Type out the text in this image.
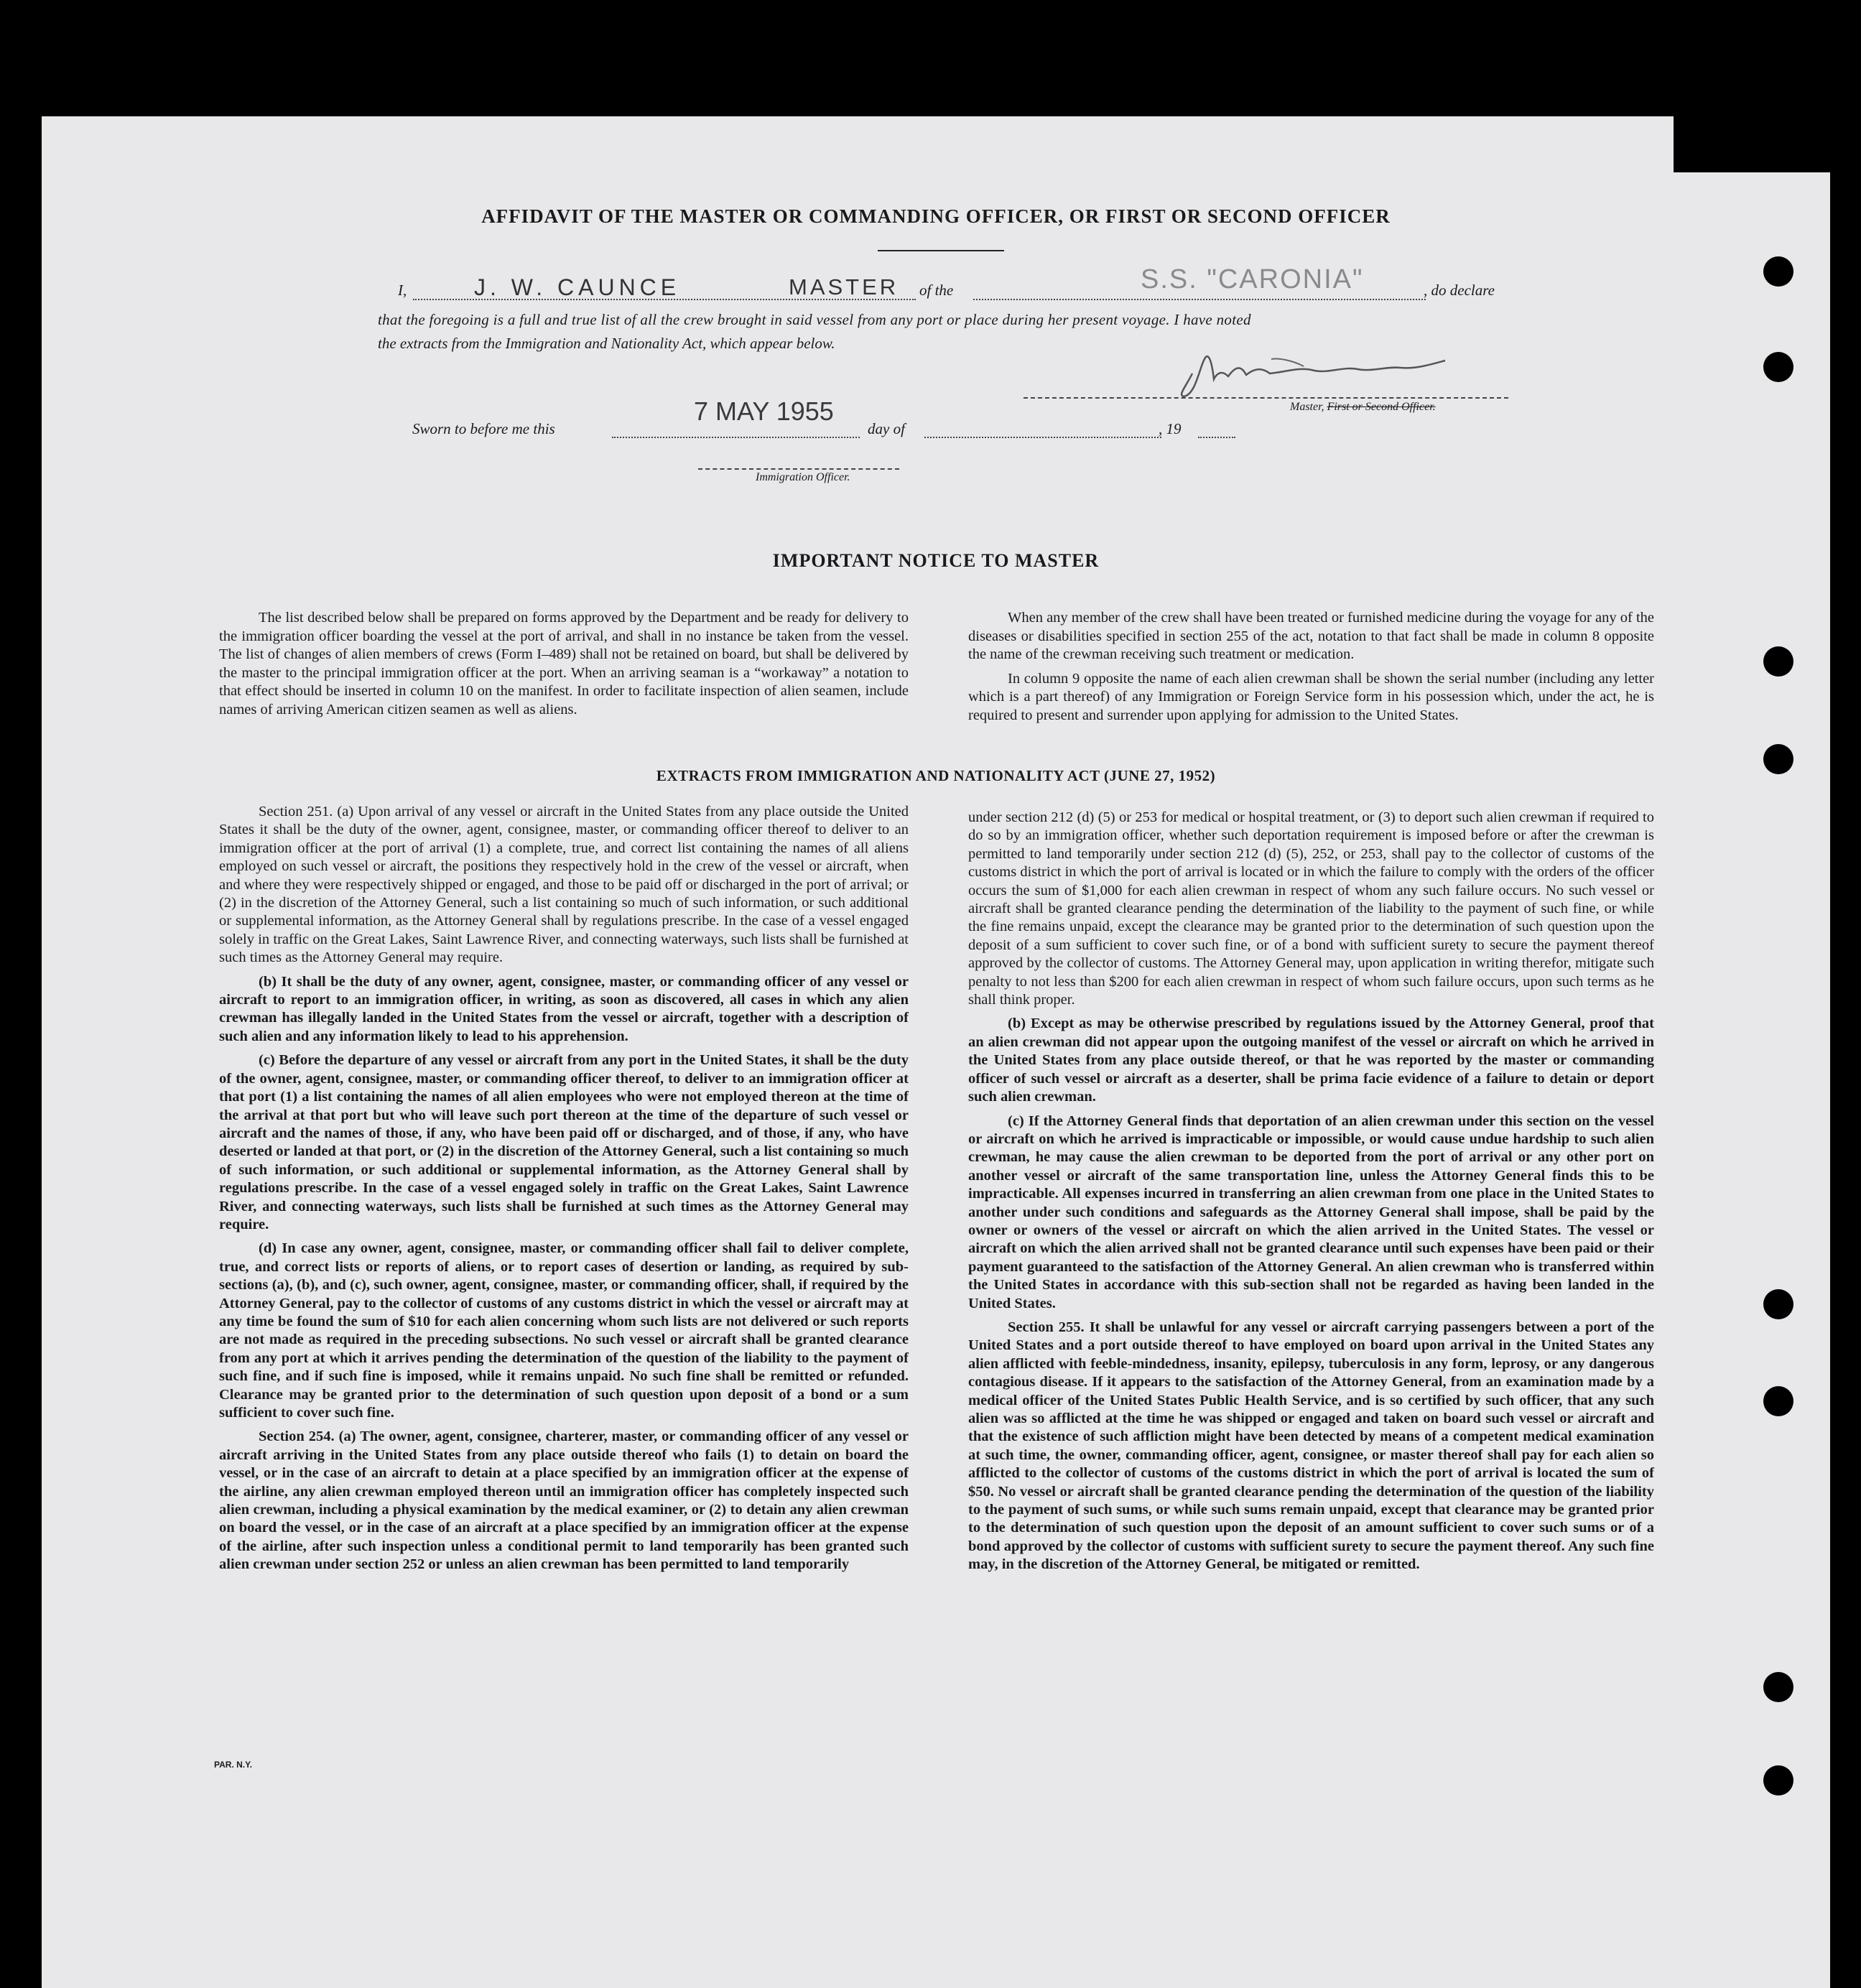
AFFIDAVIT OF THE MASTER OR COMMANDING OFFICER, OR FIRST OR SECOND OFFICER
I,	J. W. CAUNCE	MASTER of the	S.S. "CARONIA"	, do declare
that the foregoing is a full and true list of all the crew brought in said vessel from any port or place during her present voyage. I have noted
the extracts from the Immigration and Nationality Act, which appear below.
Master, First or Second Officer.
Sworn to before me this
7 MAY 1955
day of	, 19
Immigration Officer.
IMPORTANT NOTICE TO MASTER

The list described below shall be prepared on forms approved by the Department and be ready for delivery to the immigration officer boarding the vessel at the port of arrival, and shall in no instance be taken from the vessel. The list of changes of alien members of crews (Form I–489) shall not be retained on board, but shall be delivered by the master to the principal immigration officer at the port. When an arriving seaman is a “workaway” a notation to that effect should be inserted in column 10 on the manifest. In order to facilitate inspection of alien seamen, include names of arriving American citizen seamen as well as aliens.

When any member of the crew shall have been treated or furnished medicine during the voyage for any of the diseases or disabilities specified in section 255 of the act, notation to that fact shall be made in column 8 opposite the name of the crewman receiving such treatment or medication.

In column 9 opposite the name of each alien crewman shall be shown the serial number (including any letter which is a part thereof) of any Immigration or Foreign Service form in his possession which, under the act, he is required to present and surrender upon applying for admission to the United States.

EXTRACTS FROM IMMIGRATION AND NATIONALITY ACT (JUNE 27, 1952)

Section 251. (a) Upon arrival of any vessel or aircraft in the United States from any place outside the United States it shall be the duty of the owner, agent, consignee, master, or commanding officer thereof to deliver to an immigration officer at the port of arrival (1) a complete, true, and correct list containing the names of all aliens employed on such vessel or aircraft, the positions they respectively hold in the crew of the vessel or aircraft, when and where they were respectively shipped or engaged, and those to be paid off or discharged in the port of arrival; or (2) in the discretion of the Attorney General, such a list containing so much of such information, or such additional or supplemental information, as the Attorney General shall by regulations prescribe. In the case of a vessel engaged solely in traffic on the Great Lakes, Saint Lawrence River, and connecting waterways, such lists shall be furnished at such times as the Attorney General may require.

(b) It shall be the duty of any owner, agent, consignee, master, or commanding officer of any vessel or aircraft to report to an immigration officer, in writing, as soon as discovered, all cases in which any alien crewman has illegally landed in the United States from the vessel or aircraft, together with a description of such alien and any information likely to lead to his apprehension.

(c) Before the departure of any vessel or aircraft from any port in the United States, it shall be the duty of the owner, agent, consignee, master, or commanding officer thereof, to deliver to an immigration officer at that port (1) a list containing the names of all alien employees who were not employed thereon at the time of the arrival at that port but who will leave such port thereon at the time of the departure of such vessel or aircraft and the names of those, if any, who have been paid off or discharged, and of those, if any, who have deserted or landed at that port, or (2) in the discretion of the Attorney General, such a list containing so much of such information, or such additional or supplemental information, as the Attorney General shall by regulations prescribe. In the case of a vessel engaged solely in traffic on the Great Lakes, Saint Lawrence River, and connecting waterways, such lists shall be furnished at such times as the Attorney General may require.

(d) In case any owner, agent, consignee, master, or commanding officer shall fail to deliver complete, true, and correct lists or reports of aliens, or to report cases of desertion or landing, as required by sub-sections (a), (b), and (c), such owner, agent, consignee, master, or commanding officer, shall, if required by the Attorney General, pay to the collector of customs of any customs district in which the vessel or aircraft may at any time be found the sum of $10 for each alien concerning whom such lists are not delivered or such reports are not made as required in the preceding subsections. No such vessel or aircraft shall be granted clearance from any port at which it arrives pending the determination of the question of the liability to the payment of such fine, and if such fine is imposed, while it remains unpaid. No such fine shall be remitted or refunded. Clearance may be granted prior to the determination of such question upon deposit of a bond or a sum sufficient to cover such fine.

Section 254. (a) The owner, agent, consignee, charterer, master, or commanding officer of any vessel or aircraft arriving in the United States from any place outside thereof who fails (1) to detain on board the vessel, or in the case of an aircraft to detain at a place specified by an immigration officer at the expense of the airline, any alien crewman employed thereon until an immigration officer has completely inspected such alien crewman, including a physical examination by the medical examiner, or (2) to detain any alien crewman on board the vessel, or in the case of an aircraft at a place specified by an immigration officer at the expense of the airline, after such inspection unless a conditional permit to land temporarily has been granted such alien crewman under section 252 or unless an alien crewman has been permitted to land temporarily

under section 212 (d) (5) or 253 for medical or hospital treatment, or (3) to deport such alien crewman if required to do so by an immigration officer, whether such deportation requirement is imposed before or after the crewman is permitted to land temporarily under section 212 (d) (5), 252, or 253, shall pay to the collector of customs of the customs district in which the port of arrival is located or in which the failure to comply with the orders of the officer occurs the sum of $1,000 for each alien crewman in respect of whom any such failure occurs. No such vessel or aircraft shall be granted clearance pending the determination of the liability to the payment of such fine, or while the fine remains unpaid, except the clearance may be granted prior to the determination of such question upon the deposit of a sum sufficient to cover such fine, or of a bond with sufficient surety to secure the payment thereof approved by the collector of customs. The Attorney General may, upon application in writing therefor, mitigate such penalty to not less than $200 for each alien crewman in respect of whom such failure occurs, upon such terms as he shall think proper.

(b) Except as may be otherwise prescribed by regulations issued by the Attorney General, proof that an alien crewman did not appear upon the outgoing manifest of the vessel or aircraft on which he arrived in the United States from any place outside thereof, or that he was reported by the master or commanding officer of such vessel or aircraft as a deserter, shall be prima facie evidence of a failure to detain or deport such alien crewman.

(c) If the Attorney General finds that deportation of an alien crewman under this section on the vessel or aircraft on which he arrived is impracticable or impossible, or would cause undue hardship to such alien crewman, he may cause the alien crewman to be deported from the port of arrival or any other port on another vessel or aircraft of the same transportation line, unless the Attorney General finds this to be impracticable. All expenses incurred in transferring an alien crewman from one place in the United States to another under such conditions and safeguards as the Attorney General shall impose, shall be paid by the owner or owners of the vessel or aircraft on which the alien arrived in the United States. The vessel or aircraft on which the alien arrived shall not be granted clearance until such expenses have been paid or their payment guaranteed to the satisfaction of the Attorney General. An alien crewman who is transferred within the United States in accordance with this sub-section shall not be regarded as having been landed in the United States.

Section 255. It shall be unlawful for any vessel or aircraft carrying passengers between a port of the United States and a port outside thereof to have employed on board upon arrival in the United States any alien afflicted with feeble-mindedness, insanity, epilepsy, tuberculosis in any form, leprosy, or any dangerous contagious disease. If it appears to the satisfaction of the Attorney General, from an examination made by a medical officer of the United States Public Health Service, and is so certified by such officer, that any such alien was so afflicted at the time he was shipped or engaged and taken on board such vessel or aircraft and that the existence of such affliction might have been detected by means of a competent medical examination at such time, the owner, commanding officer, agent, consignee, or master thereof shall pay for each alien so afflicted to the collector of customs of the customs district in which the port of arrival is located the sum of $50. No vessel or aircraft shall be granted clearance pending the determination of the question of the liability to the payment of such sums, or while such sums remain unpaid, except that clearance may be granted prior to the determination of such question upon the deposit of an amount sufficient to cover such sums or of a bond approved by the collector of customs with sufficient surety to secure the payment thereof. Any such fine may, in the discretion of the Attorney General, be mitigated or remitted.

PAR. N.Y.
